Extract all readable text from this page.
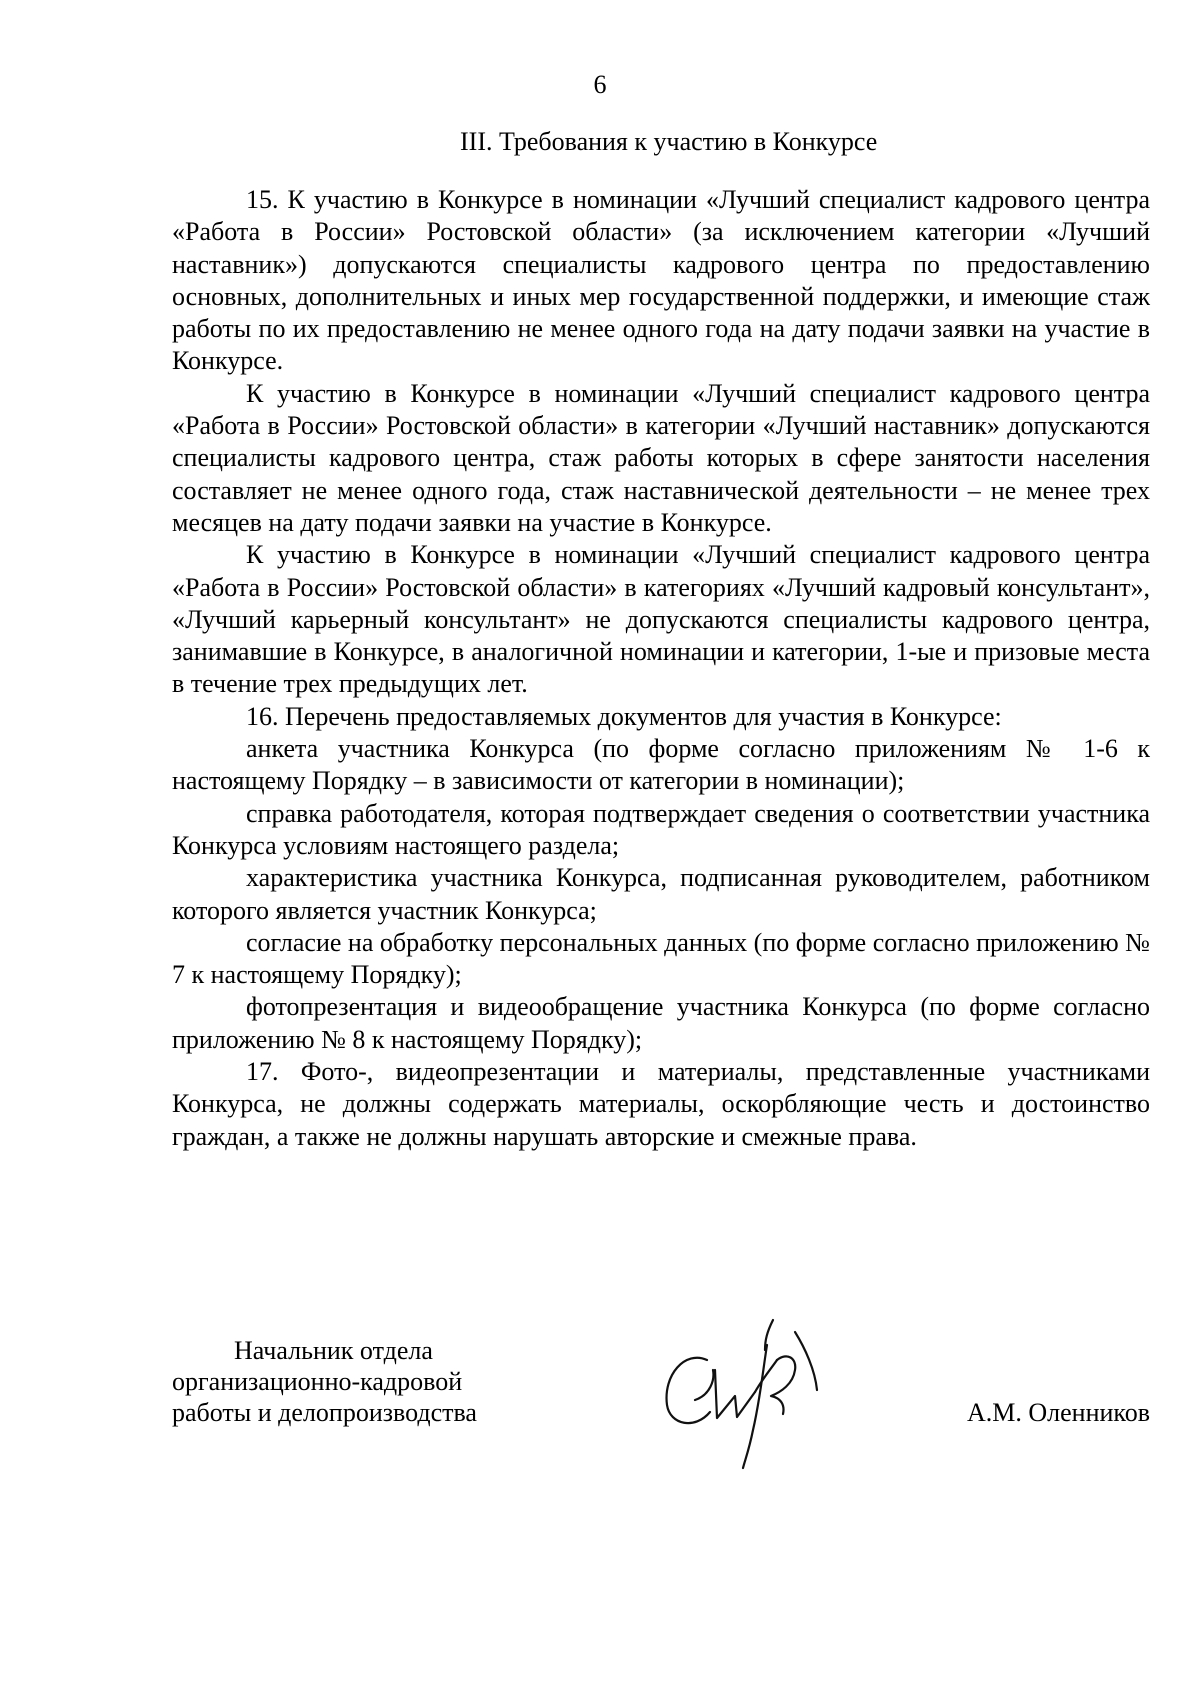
6
III. Требования к участию в Конкурсе

15. К участию в Конкурсе в номинации «Лучший специалист кадрового центра «Работа в России» Ростовской области» (за исключением категории «Лучший наставник») допускаются специалисты кадрового центра по предоставлению основных, дополнительных и иных мер государственной поддержки, и имеющие стаж работы по их предоставлению не менее одного года на дату подачи заявки на участие в Конкурсе.

К участию в Конкурсе в номинации «Лучший специалист кадрового центра «Работа в России» Ростовской области» в категории «Лучший наставник» допускаются специалисты кадрового центра, стаж работы которых в сфере занятости населения составляет не менее одного года, стаж наставнической деятельности – не менее трех месяцев на дату подачи заявки на участие в Конкурсе.

К участию в Конкурсе в номинации «Лучший специалист кадрового центра «Работа в России» Ростовской области» в категориях «Лучший кадровый консультант», «Лучший карьерный консультант» не допускаются специалисты кадрового центра, занимавшие в Конкурсе, в аналогичной номинации и категории, 1-ые и призовые места в течение трех предыдущих лет.

16. Перечень предоставляемых документов для участия в Конкурсе:

анкета участника Конкурса (по форме согласно приложениям № 1-6 к настоящему Порядку – в зависимости от категории в номинации);

справка работодателя, которая подтверждает сведения о соответствии участника Конкурса условиям настоящего раздела;

характеристика участника Конкурса, подписанная руководителем, работником которого является участник Конкурса;

согласие на обработку персональных данных (по форме согласно приложению № 7 к настоящему Порядку);

фотопрезентация и видеообращение участника Конкурса (по форме согласно приложению № 8 к настоящему Порядку);

17. Фото-, видеопрезентации и материалы, представленные участниками Конкурса, не должны содержать материалы, оскорбляющие честь и достоинство граждан, а также не должны нарушать авторские и смежные права.

Начальник отдела
организационно-кадровой
работы и делопроизводства	А.М. Оленников
